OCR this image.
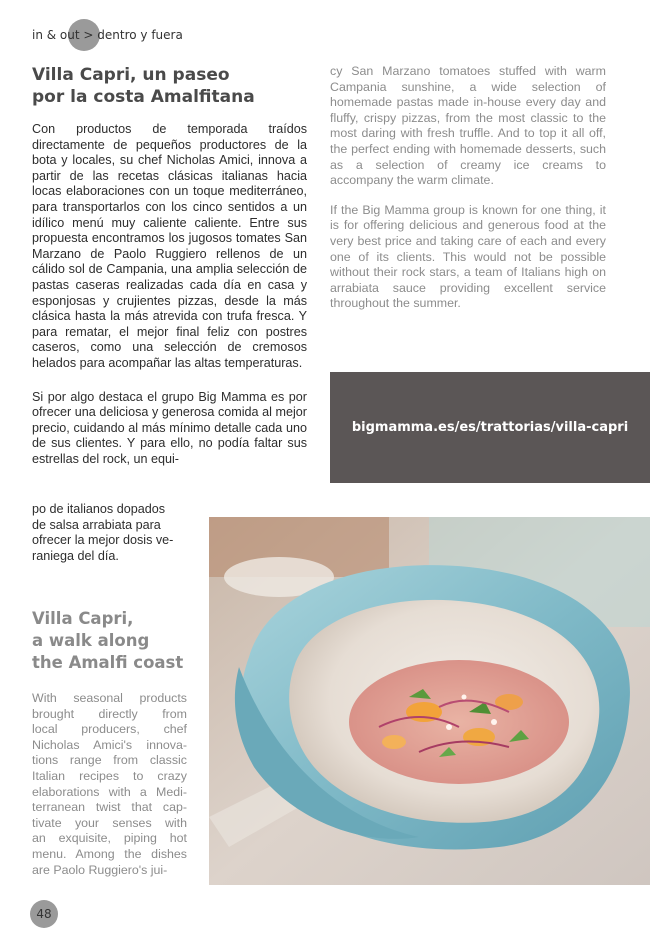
in & out > dentro y fuera
Villa Capri, un paseo
por la costa Amalfitana

Con productos de temporada traídos directamente de pequeños productores de la bota y locales, su chef Nicholas Amici, innova a partir de las recetas clásicas italianas hacia locas elaboraciones con un toque mediterráneo, para transportarlos con los cinco sentidos a un idílico menú muy caliente caliente. Entre sus propuesta encontramos los jugosos tomates San Marzano de Paolo Ruggiero rellenos de un cálido sol de Campania, una amplia selección de pastas caseras realizadas cada día en casa y esponjosas y crujientes pizzas, desde la más clásica hasta la más atrevida con trufa fresca. Y para rematar, el mejor final feliz con postres caseros, como una selección de cremosos helados para acompañar las altas temperaturas.

Si por algo destaca el grupo Big Mamma es por ofrecer una deliciosa y generosa comida al mejor precio, cuidando al más mínimo detalle cada uno de sus clientes. Y para ello, no podía faltar sus estrellas del rock, un equi-

po de italianos dopados
de salsa arrabiata para
ofrecer la mejor dosis ve-
raniega del día.
Villa Capri,
a walk along
the Amalfi coast
With seasonal products
brought directly from
local producers, chef
Nicholas Amici's innova-
tions range from classic
Italian recipes to crazy
elaborations with a Medi-
terranean twist that cap-
tivate your senses with
an exquisite, piping hot
menu. Among the dishes
are Paolo Ruggiero's jui-

cy San Marzano tomatoes stuffed with warm Campania sunshine, a wide selection of homemade pastas made in-house every day and fluffy, crispy pizzas, from the most classic to the most daring with fresh truffle. And to top it all off, the perfect ending with homemade desserts, such as a selection of creamy ice creams to accompany the warm climate.

If the Big Mamma group is known for one thing, it is for offering delicious and generous food at the very best price and taking care of each and every one of its clients. This would not be possible without their rock stars, a team of Italians high on arrabiata sauce providing excellent service throughout the summer.

bigmamma.es/es/trattorias/villa-capri
48
